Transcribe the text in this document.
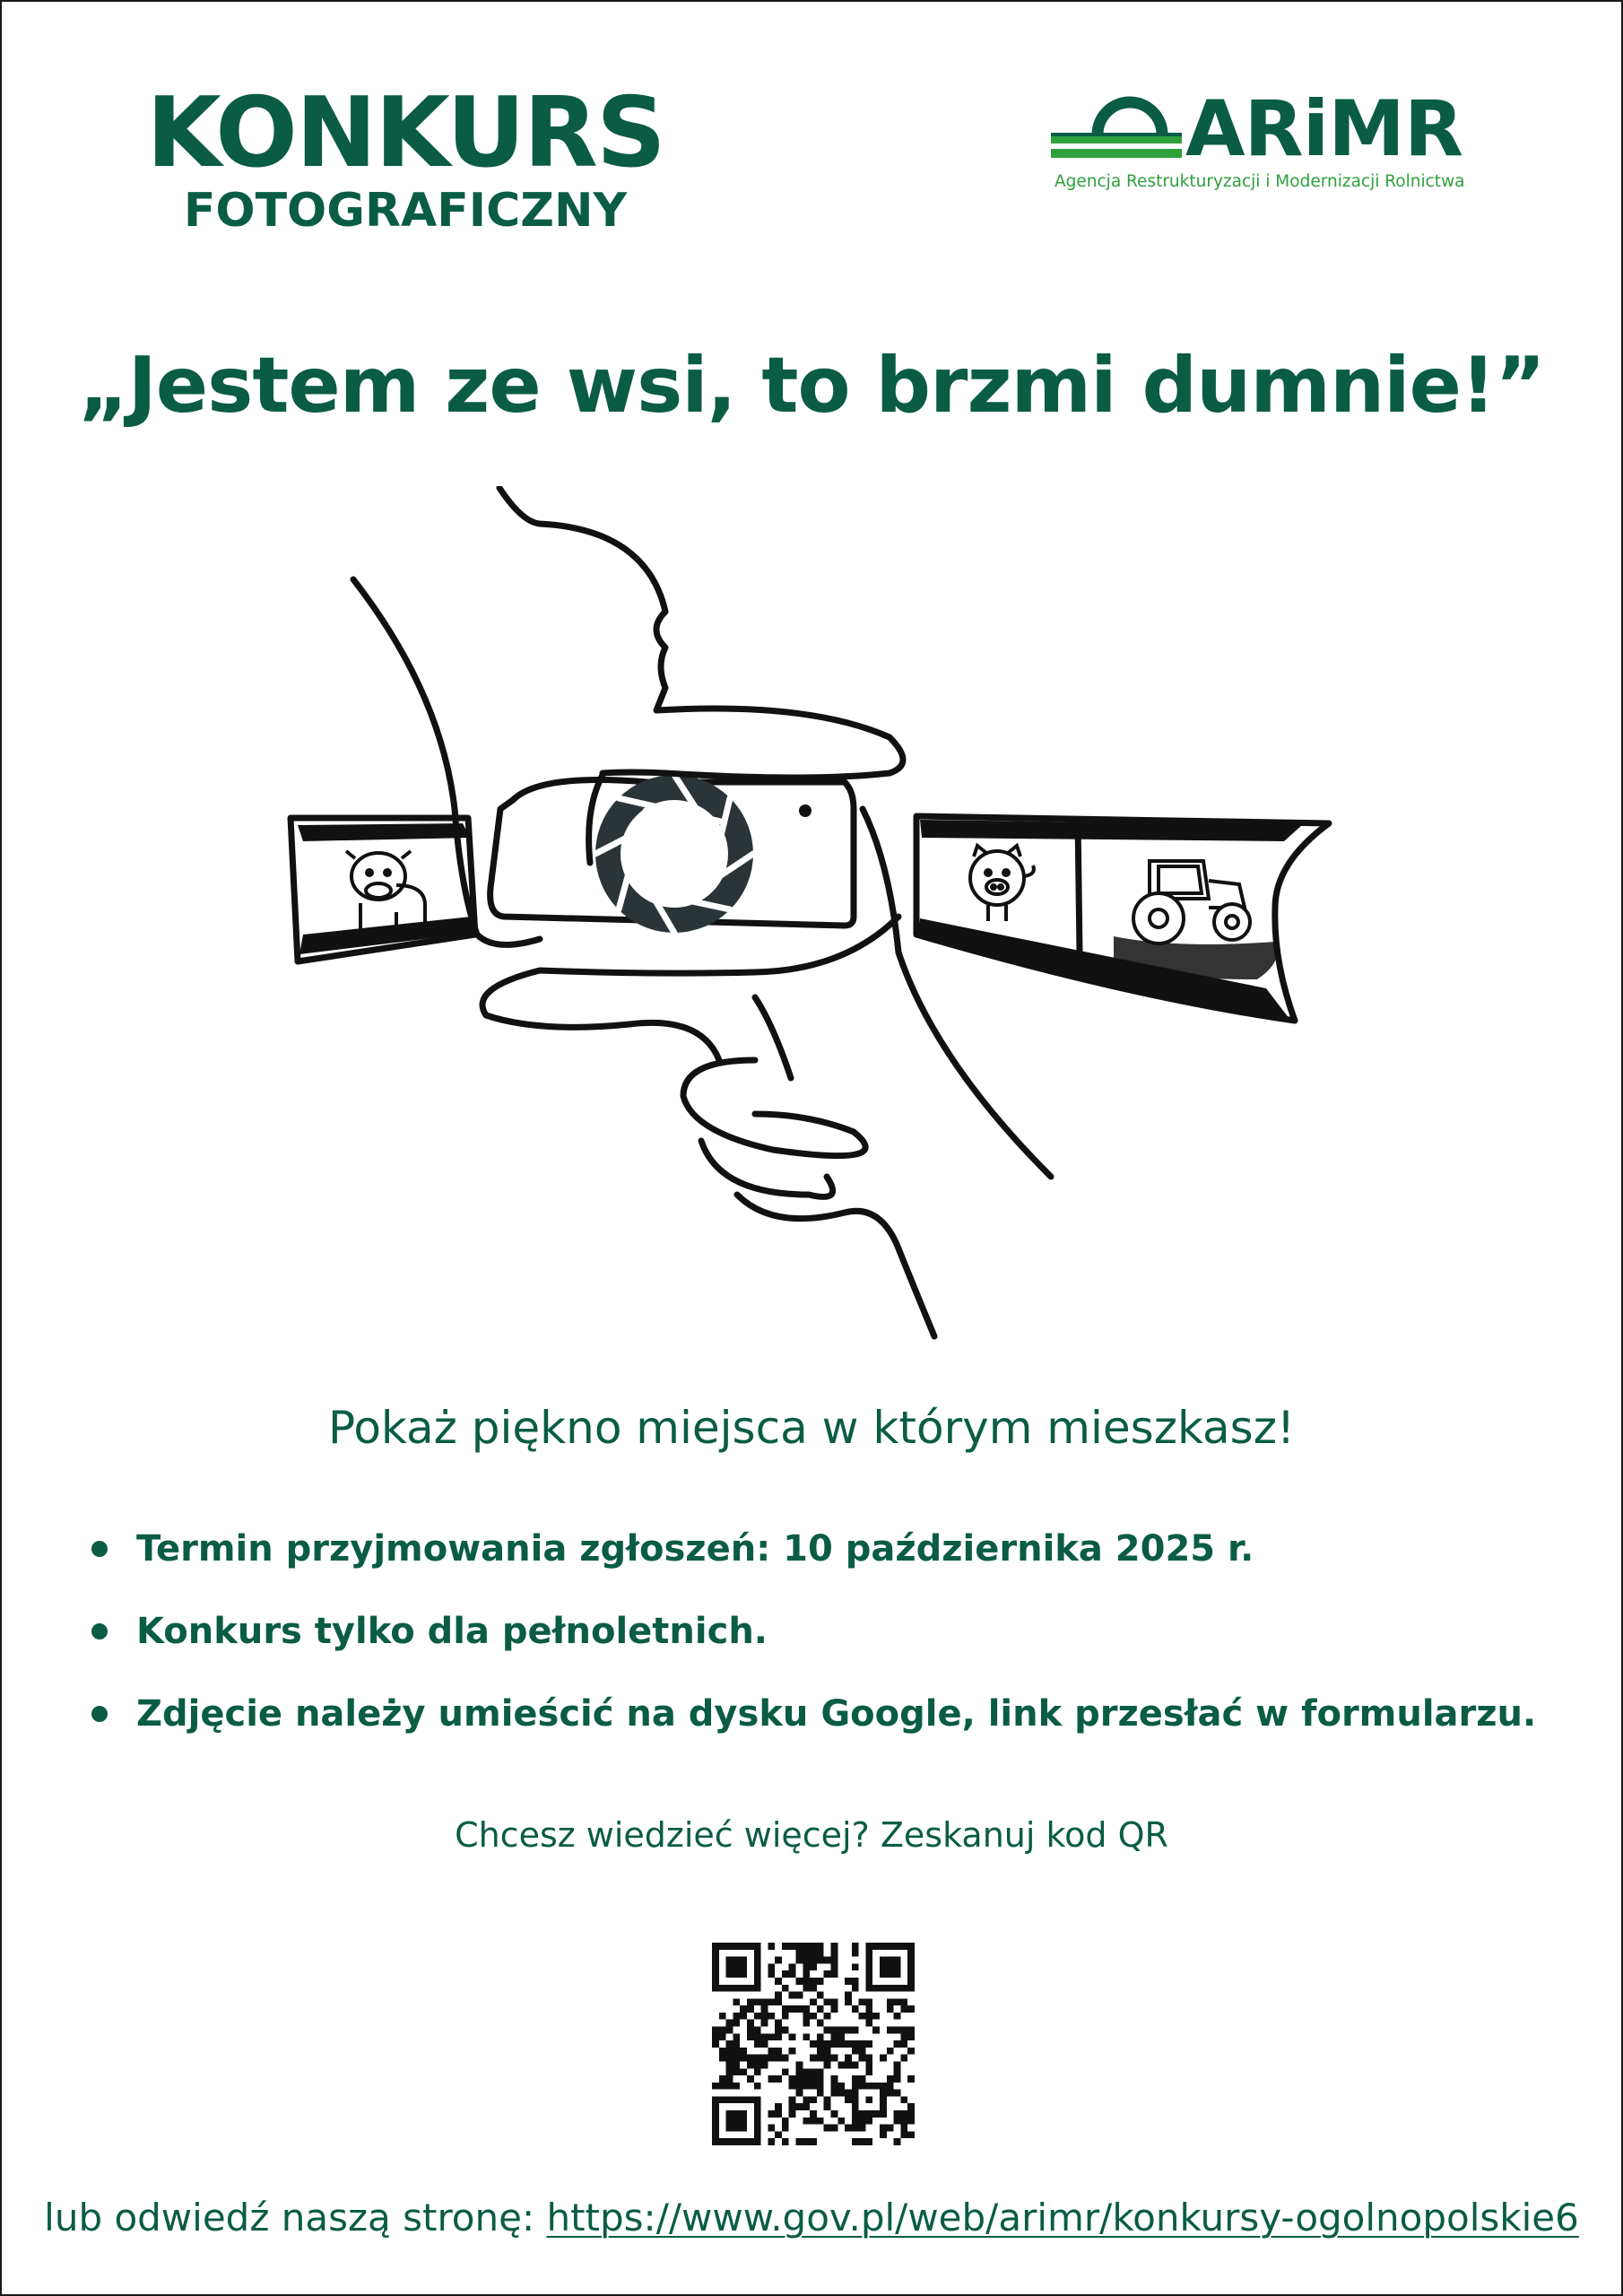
KONKURS
FOTOGRAFICZNY
ARiMR
Agencja Restrukturyzacji i Modernizacji Rolnictwa
„Jestem ze wsi, to brzmi dumnie!”
Pokaż piękno miejsca w którym mieszkasz!
Termin przyjmowania zgłoszeń: 10 października 2025 r.
Konkurs tylko dla pełnoletnich.
Zdjęcie należy umieścić na dysku Google, link przesłać w formularzu.
Chcesz wiedzieć więcej? Zeskanuj kod QR
lub odwiedź naszą stronę: https://www.gov.pl/web/arimr/konkursy-ogolnopolskie6
